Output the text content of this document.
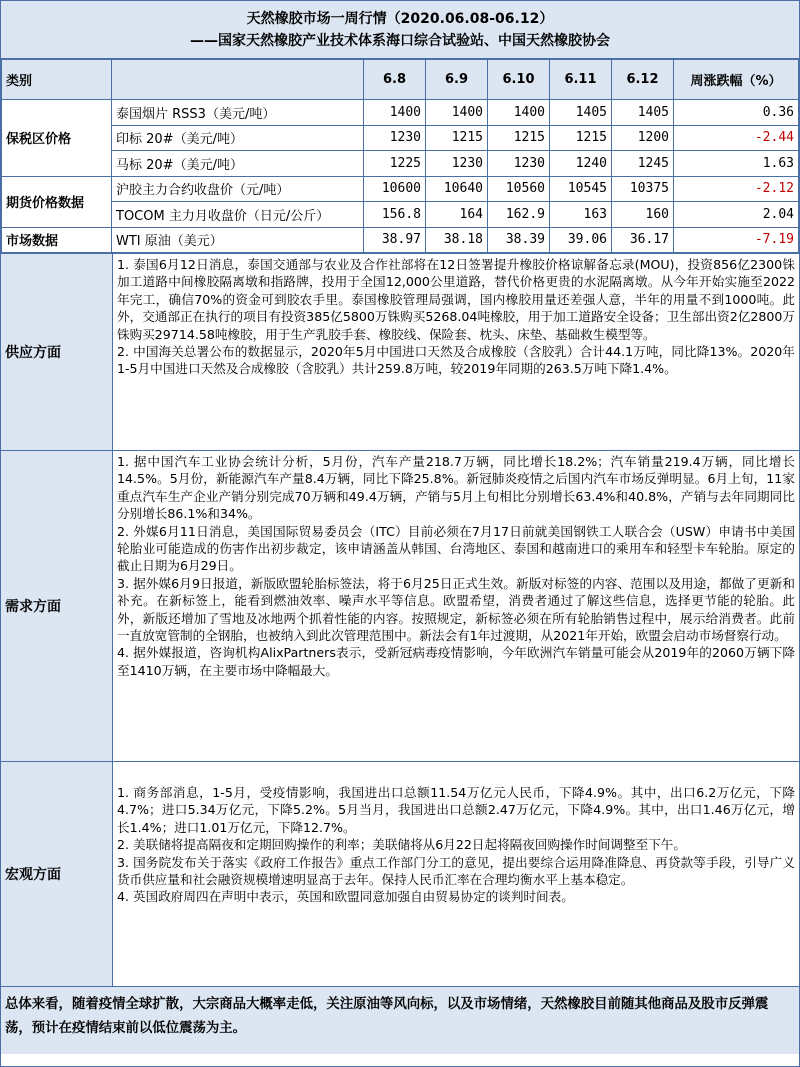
天然橡胶市场一周行情（2020.06.08-06.12）
——国家天然橡胶产业技术体系海口综合试验站、中国天然橡胶协会
类别		6.8	6.9	6.10	6.11	6.12	周涨跌幅（%）
保税区价格	泰国烟片 RSS3（美元/吨）	1400	1400	1400	1405	1405	0.36
	印标 20#（美元/吨）	1230	1215	1215	1215	1200	-2.44
	马标 20#（美元/吨）	1225	1230	1230	1240	1245	1.63
期货价格数据	沪胶主力合约收盘价（元/吨）	10600	10640	10560	10545	10375	-2.12
	TOCOM 主力月收盘价（日元/公斤）	156.8	164	162.9	163	160	2.04
市场数据	WTI 原油（美元）	38.97	38.18	38.39	39.06	36.17	-7.19
供应方面

1. 泰国6月12日消息，泰国交通部与农业及合作社部将在12日签署提升橡胶价格谅解备忘录(MOU)，投资856亿2300铢加工道路中间橡胶隔离墩和指路牌，投用于全国12,000公里道路，替代价格更贵的水泥隔离墩。从今年开始实施至2022年完工，确信70%的资金可到胶农手里。泰国橡胶管理局强调，国内橡胶用量还差强人意，半年的用量不到1000吨。此外，交通部正在执行的项目有投资385亿5800万铢购买5268.04吨橡胶，用于加工道路安全设备；卫生部出资2亿2800万铢购买29714.58吨橡胶，用于生产乳胶手套、橡胶线、保险套、枕头、床垫、基础救生模型等。

2. 中国海关总署公布的数据显示，2020年5月中国进口天然及合成橡胶（含胶乳）合计44.1万吨，同比降13%。2020年1-5月中国进口天然及合成橡胶（含胶乳）共计259.8万吨，较2019年同期的263.5万吨下降1.4%。

需求方面

1. 据中国汽车工业协会统计分析，5月份，汽车产量218.7万辆，同比增长18.2%；汽车销量219.4万辆，同比增长14.5%。5月份，新能源汽车产量8.4万辆，同比下降25.8%。新冠肺炎疫情之后国内汽车市场反弹明显。6月上旬，11家重点汽车生产企业产销分别完成70万辆和49.4万辆，产销与5月上旬相比分别增长63.4%和40.8%，产销与去年同期同比分别增长86.1%和34%。

2. 外媒6月11日消息，美国国际贸易委员会（ITC）目前必须在7月17日前就美国钢铁工人联合会（USW）申请书中美国轮胎业可能造成的伤害作出初步裁定，该申请涵盖从韩国、台湾地区、泰国和越南进口的乘用车和轻型卡车轮胎。原定的截止日期为6月29日。

3. 据外媒6月9日报道，新版欧盟轮胎标签法，将于6月25日正式生效。新版对标签的内容、范围以及用途，都做了更新和补充。在新标签上，能看到燃油效率、噪声水平等信息。欧盟希望，消费者通过了解这些信息，选择更节能的轮胎。此外，新版还增加了雪地及冰地两个抓着性能的内容。按照规定，新标签必须在所有轮胎销售过程中，展示给消费者。此前一直放宽管制的全钢胎，也被纳入到此次管理范围中。新法会有1年过渡期，从2021年开始，欧盟会启动市场督察行动。

4. 据外媒报道，咨询机构AlixPartners表示，受新冠病毒疫情影响，今年欧洲汽车销量可能会从2019年的2060万辆下降至1410万辆，在主要市场中降幅最大。

宏观方面

1. 商务部消息，1-5月，受疫情影响，我国进出口总额11.54万亿元人民币，下降4.9%。其中，出口6.2万亿元，下降4.7%；进口5.34万亿元，下降5.2%。5月当月，我国进出口总额2.47万亿元，下降4.9%。其中，出口1.46万亿元，增长1.4%；进口1.01万亿元，下降12.7%。

2. 美联储将提高隔夜和定期回购操作的利率；美联储将从6月22日起将隔夜回购操作时间调整至下午。

3. 国务院发布关于落实《政府工作报告》重点工作部门分工的意见，提出要综合运用降准降息、再贷款等手段，引导广义货币供应量和社会融资规模增速明显高于去年。保持人民币汇率在合理均衡水平上基本稳定。

4. 英国政府周四在声明中表示，英国和欧盟同意加强自由贸易协定的谈判时间表。

总体来看，随着疫情全球扩散，大宗商品大概率走低，关注原油等风向标，以及市场情绪，天然橡胶目前随其他商品及股市反弹震荡，预计在疫情结束前以低位震荡为主。
